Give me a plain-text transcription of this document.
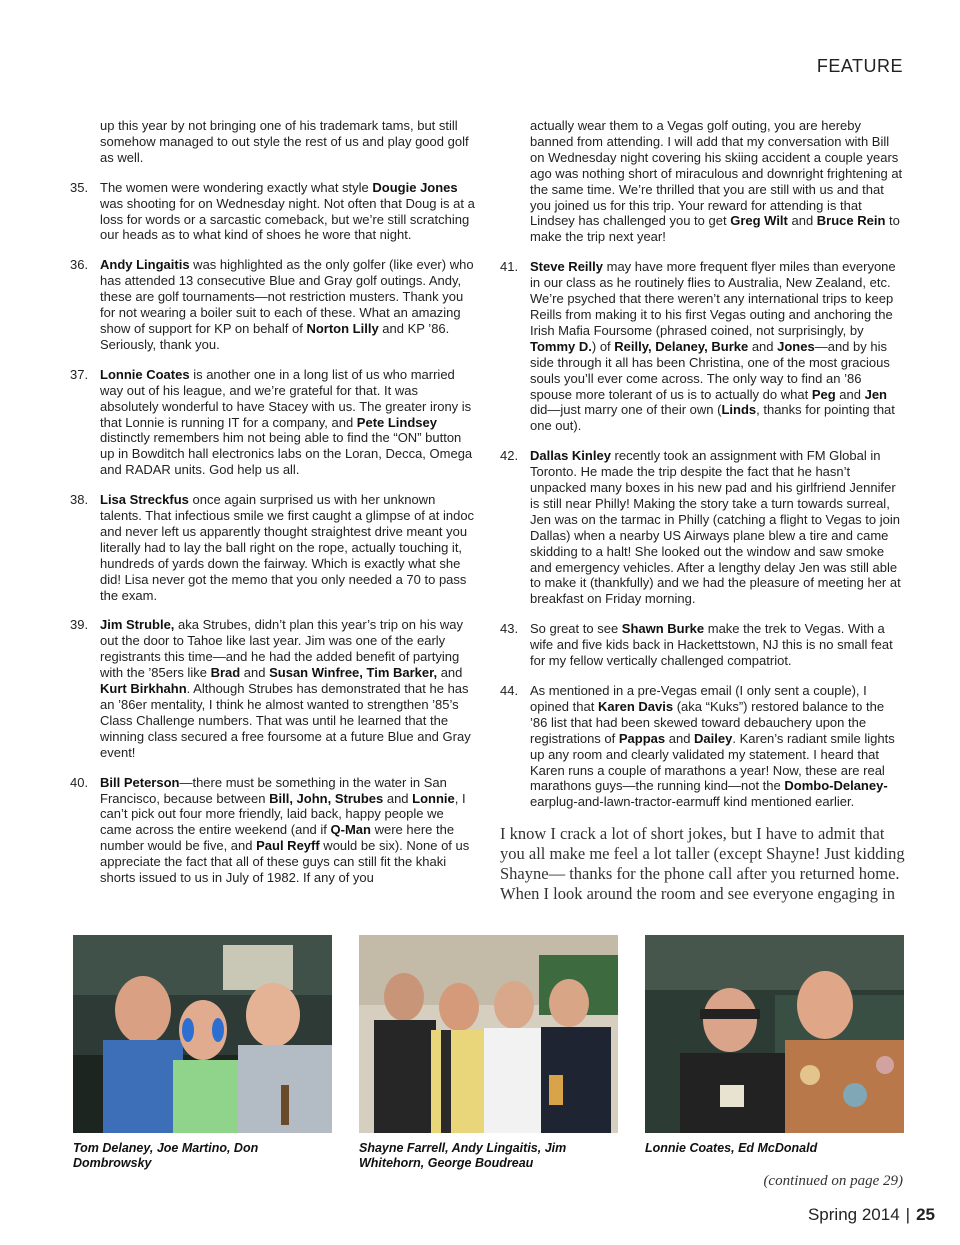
FEATURE
up this year by not bringing one of his trademark tams, but still somehow managed to out style the rest of us and play good golf as well.
35. The women were wondering exactly what style Dougie Jones was shooting for on Wednesday night. Not often that Doug is at a loss for words or a sarcastic comeback, but we’re still scratching our heads as to what kind of shoes he wore that night.
36. Andy Lingaitis was highlighted as the only golfer (like ever) who has attended 13 consecutive Blue and Gray golf outings. Andy, these are golf tournaments—not restriction musters. Thank you for not wearing a boiler suit to each of these. What an amazing show of support for KP on behalf of Norton Lilly and KP ’86. Seriously, thank you.
37. Lonnie Coates is another one in a long list of us who married way out of his league, and we’re grateful for that. It was absolutely wonderful to have Stacey with us. The greater irony is that Lonnie is running IT for a company, and Pete Lindsey distinctly remembers him not being able to find the “ON” button up in Bowditch hall electronics labs on the Loran, Decca, Omega and RADAR units. God help us all.
38. Lisa Streckfus once again surprised us with her unknown talents. That infectious smile we first caught a glimpse of at indoc and never left us apparently thought straightest drive meant you literally had to lay the ball right on the rope, actually touching it, hundreds of yards down the fairway. Which is exactly what she did! Lisa never got the memo that you only needed a 70 to pass the exam.
39. Jim Struble, aka Strubes, didn’t plan this year’s trip on his way out the door to Tahoe like last year. Jim was one of the early registrants this time—and he had the added benefit of partying with the ’85ers like Brad and Susan Winfree, Tim Barker, and Kurt Birkhahn. Although Strubes has demonstrated that he has an ’86er mentality, I think he almost wanted to strengthen ’85’s Class Challenge numbers. That was until he learned that the winning class secured a free foursome at a future Blue and Gray event!
40. Bill Peterson—there must be something in the water in San Francisco, because between Bill, John, Strubes and Lonnie, I can’t pick out four more friendly, laid back, happy people we came across the entire weekend (and if Q-Man were here the number would be five, and Paul Reyff would be six). None of us appreciate the fact that all of these guys can still fit the khaki shorts issued to us in July of 1982. If any of you
actually wear them to a Vegas golf outing, you are hereby banned from attending. I will add that my conversation with Bill on Wednesday night covering his skiing accident a couple years ago was nothing short of miraculous and downright frightening at the same time. We’re thrilled that you are still with us and that you joined us for this trip. Your reward for attending is that Lindsey has challenged you to get Greg Wilt and Bruce Rein to make the trip next year!
41. Steve Reilly may have more frequent flyer miles than everyone in our class as he routinely flies to Australia, New Zealand, etc. We’re psyched that there weren’t any international trips to keep Reills from making it to his first Vegas outing and anchoring the Irish Mafia Foursome (phrased coined, not surprisingly, by Tommy D.) of Reilly, Delaney, Burke and Jones—and by his side through it all has been Christina, one of the most gracious souls you’ll ever come across. The only way to find an ’86 spouse more tolerant of us is to actually do what Peg and Jen did—just marry one of their own (Linds, thanks for pointing that one out).
42. Dallas Kinley recently took an assignment with FM Global in Toronto. He made the trip despite the fact that he hasn’t unpacked many boxes in his new pad and his girlfriend Jennifer is still near Philly! Making the story take a turn towards surreal, Jen was on the tarmac in Philly (catching a flight to Vegas to join Dallas) when a nearby US Airways plane blew a tire and came skidding to a halt! She looked out the window and saw smoke and emergency vehicles. After a lengthy delay Jen was still able to make it (thankfully) and we had the pleasure of meeting her at breakfast on Friday morning.
43. So great to see Shawn Burke make the trek to Vegas. With a wife and five kids back in Hackettstown, NJ this is no small feat for my fellow vertically challenged compatriot.
44. As mentioned in a pre-Vegas email (I only sent a couple), I opined that Karen Davis (aka “Kuks”) restored balance to the ’86 list that had been skewed toward debauchery upon the registrations of Pappas and Dailey. Karen’s radiant smile lights up any room and clearly validated my statement. I heard that Karen runs a couple of marathons a year! Now, these are real marathons guys—the running kind—not the Dombo-Delaney-earplug-and-lawn-tractor-earmuff kind mentioned earlier.
I know I crack a lot of short jokes, but I have to admit that you all make me feel a lot taller (except Shayne! Just kidding Shayne— thanks for the phone call after you returned home. When I look around the room and see everyone engaging in
Tom Delaney, Joe Martino, Don Dombrowsky
Shayne Farrell, Andy Lingaitis, Jim Whitehorn, George Boudreau
Lonnie Coates, Ed McDonald
(continued on page 29)
Spring 2014 | 25
